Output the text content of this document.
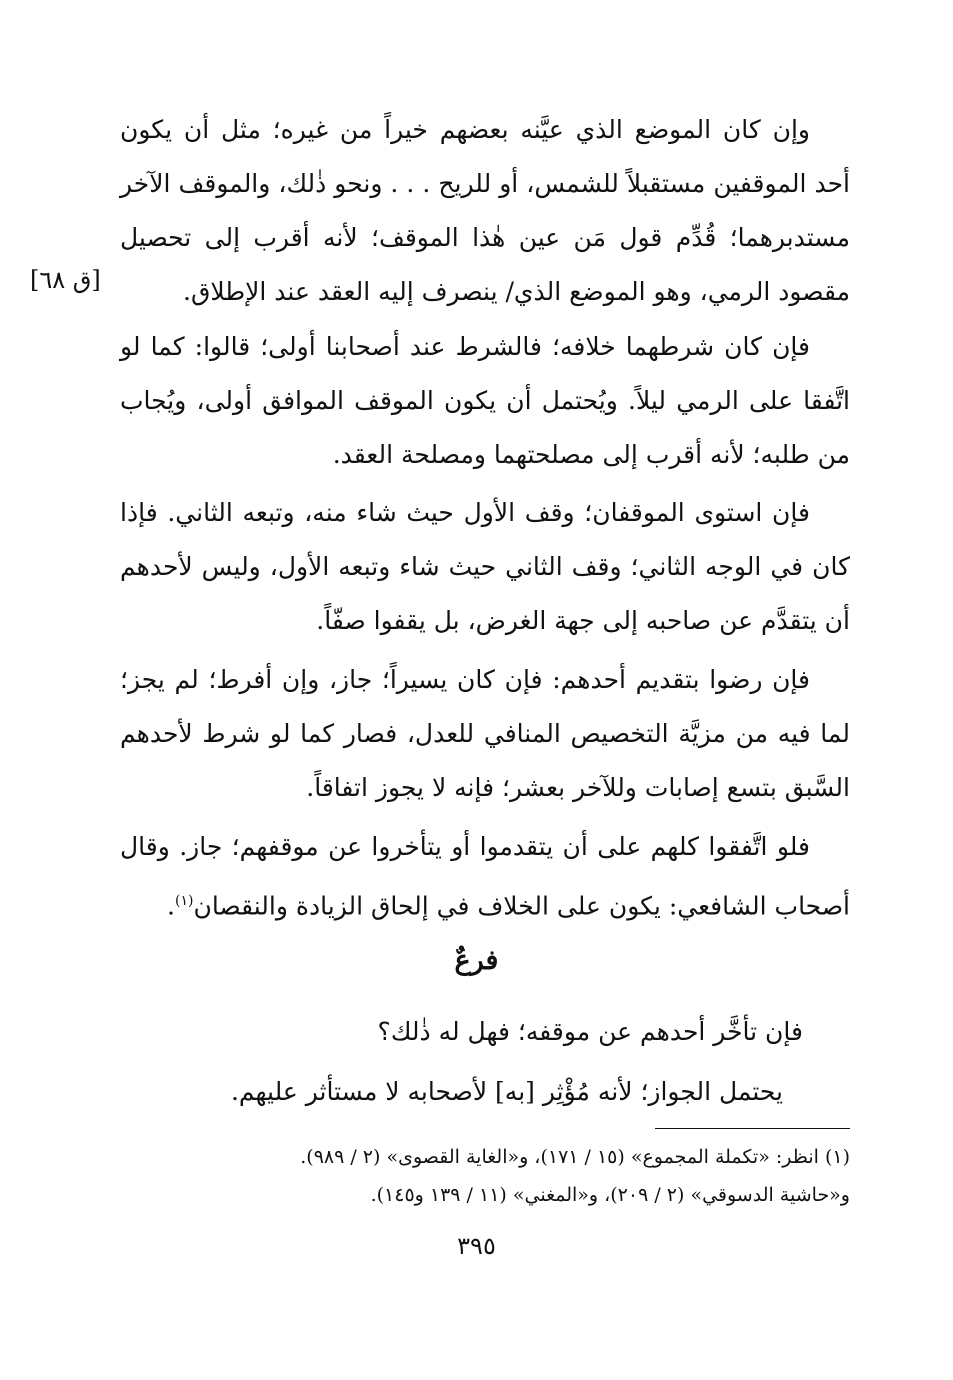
وإن كان الموضع الذي عيَّنه بعضهم خيراً من غيره؛ مثل أن يكون أحد الموقفين مستقبلاً للشمس، أو للريح . . . ونحو ذٰلك، والموقف الآخر مستدبرهما؛ قُدِّم قول مَن عين هٰذا الموقف؛ لأنه أقرب إلى تحصيل مقصود الرمي، وهو الموضع الذي/ ينصرف إليه العقد عند الإطلاق.
[ق ٦٨]
فإن كان شرطهما خلافه؛ فالشرط عند أصحابنا أولى؛ قالوا: كما لو اتَّفقا على الرمي ليلاً. ويُحتمل أن يكون الموقف الموافق أولى، ويُجاب من طلبه؛ لأنه أقرب إلى مصلحتهما ومصلحة العقد.
فإن استوى الموقفان؛ وقف الأول حيث شاء منه، وتبعه الثاني. فإذا كان في الوجه الثاني؛ وقف الثاني حيث شاء وتبعه الأول، وليس لأحدهم أن يتقدَّم عن صاحبه إلى جهة الغرض، بل يقفوا صفّاً.
فإن رضوا بتقديم أحدهم: فإن كان يسيراً؛ جاز، وإن أفرط؛ لم يجز؛ لما فيه من مزيَّة التخصيص المنافي للعدل، فصار كما لو شرط لأحدهم السَّبق بتسع إصابات وللآخر بعشر؛ فإنه لا يجوز اتفاقاً.
فلو اتَّفقوا كلهم على أن يتقدموا أو يتأخروا عن موقفهم؛ جاز. وقال أصحاب الشافعي: يكون على الخلاف في إلحاق الزيادة والنقصان$^{(١)}$.
فرعٌ
فإن تأخَّر أحدهم عن موقفه؛ فهل له ذٰلك؟
يحتمل الجواز؛ لأنه مُؤْثِر [به] لأصحابه لا مستأثر عليهم.
(١) انظر: «تكملة المجموع» (١٥ / ١٧١)، و«الغاية القصوى» (٢ / ٩٨٩).
و«حاشية الدسوقي» (٢ / ٢٠٩)، و«المغني» (١١ / ١٣٩ و١٤٥).
٣٩٥
